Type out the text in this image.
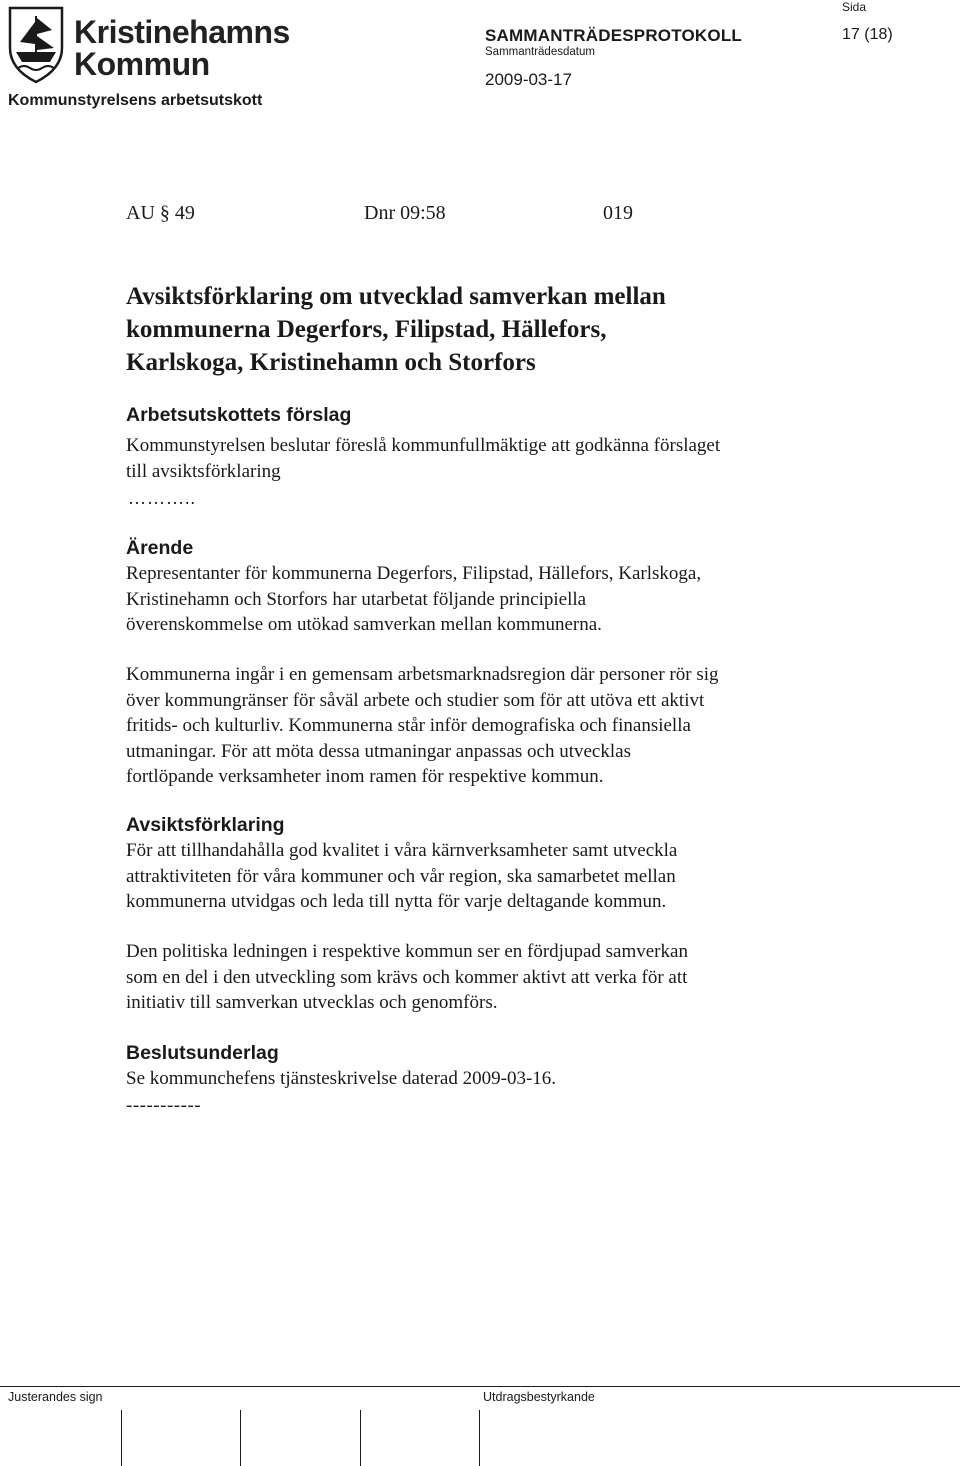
Kristinehamns
Kommun
SAMMANTRÄDESPROTOKOLL
Sida
17 (18)
Sammanträdesdatum
2009-03-17
Kommunstyrelsens arbetsutskott
AU § 49	Dnr 09:58	019
Avsiktsförklaring om utvecklad samverkan mellan
kommunerna Degerfors, Filipstad, Hällefors,
Karlskoga, Kristinehamn och Storfors
Arbetsutskottets förslag
Kommunstyrelsen beslutar föreslå kommunfullmäktige att godkänna förslaget
till avsiktsförklaring
………..
Ärende
Representanter för kommunerna Degerfors, Filipstad, Hällefors, Karlskoga,
Kristinehamn och Storfors har utarbetat följande principiella
överenskommelse om utökad samverkan mellan kommunerna.
Kommunerna ingår i en gemensam arbetsmarknadsregion där personer rör sig
över kommungränser för såväl arbete och studier som för att utöva ett aktivt
fritids- och kulturliv. Kommunerna står inför demografiska och finansiella
utmaningar. För att möta dessa utmaningar anpassas och utvecklas
fortlöpande verksamheter inom ramen för respektive kommun.
Avsiktsförklaring
För att tillhandahålla god kvalitet i våra kärnverksamheter samt utveckla
attraktiviteten för våra kommuner och vår region, ska samarbetet mellan
kommunerna utvidgas och leda till nytta för varje deltagande kommun.
Den politiska ledningen i respektive kommun ser en fördjupad samverkan
som en del i den utveckling som krävs och kommer aktivt att verka för att
initiativ till samverkan utvecklas och genomförs.
Beslutsunderlag
Se kommunchefens tjänsteskrivelse daterad 2009-03-16.
-----------
Justerandes sign	Utdragsbestyrkande
